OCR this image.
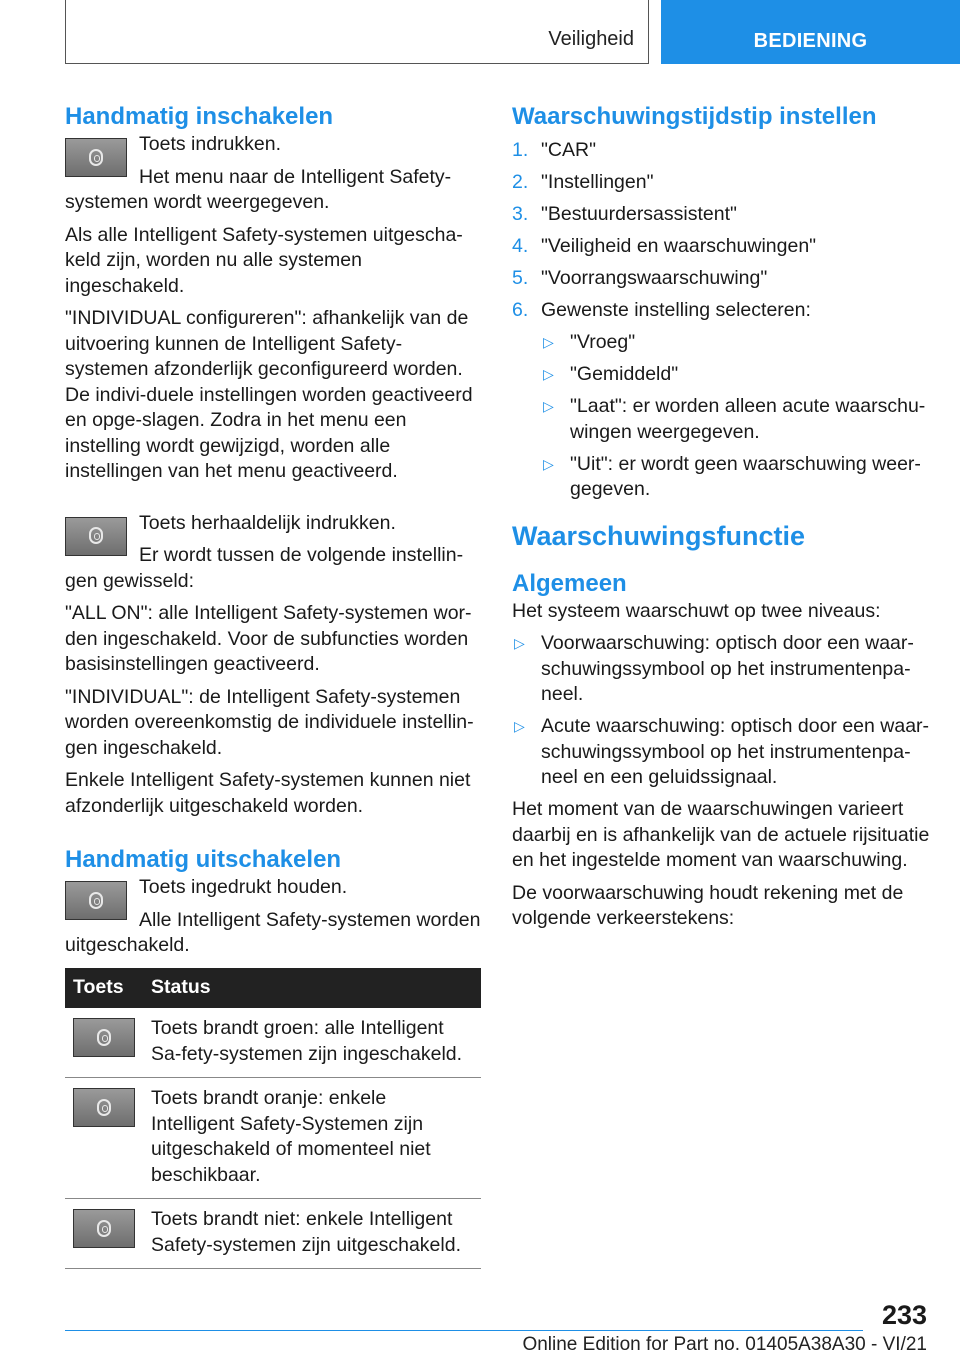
Veiligheid	BEDIENING
Handmatig inschakelen

Toets indrukken.

Het menu naar de Intelligent Safety-systemen wordt weergegeven.

Als alle Intelligent Safety-systemen uitgescha-keld zijn, worden nu alle systemen ingeschakeld.

"INDIVIDUAL configureren": afhankelijk van de uitvoering kunnen de Intelligent Safety-systemen afzonderlijk geconfigureerd worden. De indivi-duele instellingen worden geactiveerd en opge-slagen. Zodra in het menu een instelling wordt gewijzigd, worden alle instellingen van het menu geactiveerd.

Toets herhaaldelijk indrukken.

Er wordt tussen de volgende instellin-gen gewisseld:

"ALL ON": alle Intelligent Safety-systemen wor-den ingeschakeld. Voor de subfuncties worden basisinstellingen geactiveerd.

"INDIVIDUAL": de Intelligent Safety-systemen worden overeenkomstig de individuele instellin-gen ingeschakeld.

Enkele Intelligent Safety-systemen kunnen niet afzonderlijk uitgeschakeld worden.

Handmatig uitschakelen

Toets ingedrukt houden.

Alle Intelligent Safety-systemen worden uitgeschakeld.

Toets	Status

	Toets brandt groen: alle Intelligent Sa-fety-systemen zijn ingeschakeld.

	Toets brandt oranje: enkele Intelligent Safety-Systemen zijn uitgeschakeld of momenteel niet beschikbaar.

	Toets brandt niet: enkele Intelligent Safety-systemen zijn uitgeschakeld.
Waarschuwingstijdstip instellen
1. "CAR"
2. "Instellingen"
3. "Bestuurdersassistent"
4. "Veiligheid en waarschuwingen"
5. "Voorrangswaarschuwing"
6. Gewenste instelling selecteren:
▷ "Vroeg"
▷ "Gemiddeld"
▷ "Laat": er worden alleen acute waarschu-wingen weergegeven.
▷ "Uit": er wordt geen waarschuwing weer-gegeven.
Waarschuwingsfunctie
Algemeen

Het systeem waarschuwt op twee niveaus:

▷ Voorwaarschuwing: optisch door een waar-schuwingssymbool op het instrumentenpa-neel.
▷ Acute waarschuwing: optisch door een waar-schuwingssymbool op het instrumentenpa-neel en een geluidssignaal.

Het moment van de waarschuwingen varieert daarbij en is afhankelijk van de actuele rijsituatie en het ingestelde moment van waarschuwing.

De voorwaarschuwing houdt rekening met de volgende verkeerstekens:

233
Online Edition for Part no. 01405A38A30 - VI/21
